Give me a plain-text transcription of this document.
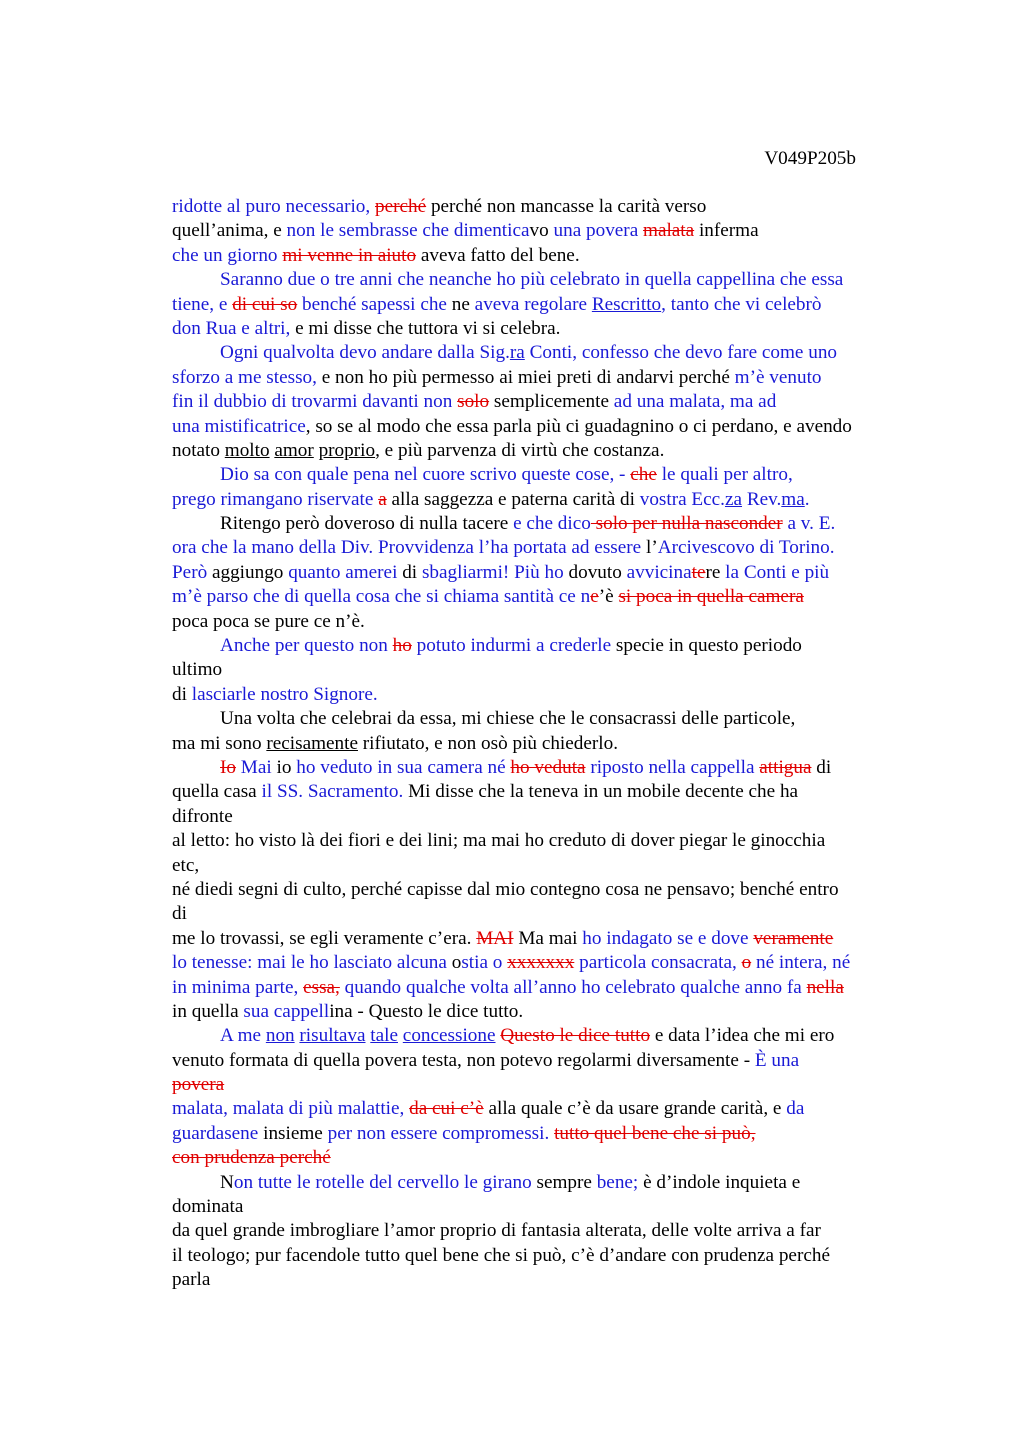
V049P205b
ridotte al puro necessario, perché perché non mancasse la carità verso
quell’anima, e non le sembrasse che dimenticavo una povera malata inferma
che un giorno mi venne in aiuto aveva fatto del bene.
Saranno due o tre anni che neanche ho più celebrato in quella cappellina che essa
tiene, e di cui so benché sapessi che ne aveva regolare Rescritto, tanto che vi celebrò
don Rua e altri, e mi disse che tuttora vi si celebra.
Ogni qualvolta devo andare dalla Sig.ra Conti, confesso che devo fare come uno
sforzo a me stesso, e non ho più permesso ai miei preti di andarvi perché m’è venuto
fin il dubbio di trovarmi davanti non solo semplicemente ad una malata, ma ad
una mistificatrice, so se al modo che essa parla più ci guadagnino o ci perdano, e avendo
notato molto amor proprio, e più parvenza di virtù che costanza.
Dio sa con quale pena nel cuore scrivo queste cose, - che le quali per altro,
prego rimangano riservate a alla saggezza e paterna carità di vostra Ecc.za Rev.ma.
Ritengo però doveroso di nulla tacere e che dico solo per nulla nasconder a v. E.
ora che la mano della Div. Provvidenza l’ha portata ad essere l’Arcivescovo di Torino.
Però aggiungo quanto amerei di sbagliarmi! Più ho dovuto avvicinatere la Conti e più
m’è parso che di quella cosa che si chiama santità ce ne’è si poca in quella camera
poca poca se pure ce n’è.
Anche per questo non ho potuto indurmi a crederle specie in questo periodo
ultimo
di lasciarle nostro Signore.
Una volta che celebrai da essa, mi chiese che le consacrassi delle particole,
ma mi sono recisamente rifiutato, e non osò più chiederlo.
Io Mai io ho veduto in sua camera né ho veduta riposto nella cappella attigua di
quella casa il SS. Sacramento. Mi disse che la teneva in un mobile decente che ha
difronte
al letto: ho visto là dei fiori e dei lini; ma mai ho creduto di dover piegar le ginocchia
etc,
né diedi segni di culto, perché capisse dal mio contegno cosa ne pensavo; benché entro
di
me lo trovassi, se egli veramente c’era. MAI Ma mai ho indagato se e dove veramente
lo tenesse: mai le ho lasciato alcuna ostia o xxxxxxx particola consacrata, o né intera, né
in minima parte, essa, quando qualche volta all’anno ho celebrato qualche anno fa nella
in quella sua cappellina - Questo le dice tutto.
A me non risultava tale concessione Questo le dice tutto e data l’idea che mi ero
venuto formata di quella povera testa, non potevo regolarmi diversamente - È una
povera
malata, malata di più malattie, da cui c’è alla quale c’è da usare grande carità, e da
guardasene insieme per non essere compromessi. tutto quel bene che si può,
con prudenza perché
Non tutte le rotelle del cervello le girano sempre bene; è d’indole inquieta e
dominata
da quel grande imbrogliare l’amor proprio di fantasia alterata, delle volte arriva a far
il teologo; pur facendole tutto quel bene che si può, c’è d’andare con prudenza perché
parla
